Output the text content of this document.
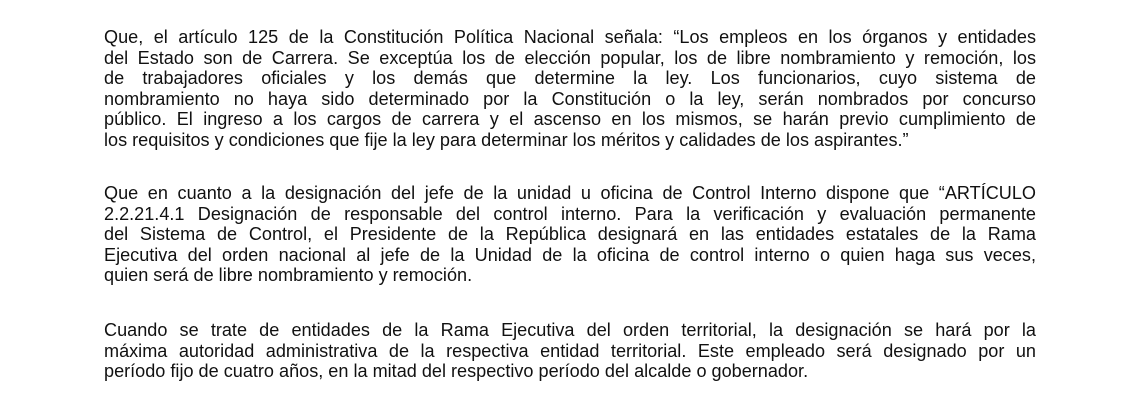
Que, el artículo 125 de la Constitución Política Nacional señala: “Los empleos en los órganos y entidades
del Estado son de Carrera. Se exceptúa los de elección popular, los de libre nombramiento y remoción, los
de trabajadores oficiales y los demás que determine la ley. Los funcionarios, cuyo sistema de
nombramiento no haya sido determinado por la Constitución o la ley, serán nombrados por concurso
público. El ingreso a los cargos de carrera y el ascenso en los mismos, se harán previo cumplimiento de
los requisitos y condiciones que fije la ley para determinar los méritos y calidades de los aspirantes.”

Que en cuanto a la designación del jefe de la unidad u oficina de Control Interno dispone que “ARTÍCULO
2.2.21.4.1 Designación de responsable del control interno. Para la verificación y evaluación permanente
del Sistema de Control, el Presidente de la República designará en las entidades estatales de la Rama
Ejecutiva del orden nacional al jefe de la Unidad de la oficina de control interno o quien haga sus veces,
quien será de libre nombramiento y remoción.

Cuando se trate de entidades de la Rama Ejecutiva del orden territorial, la designación se hará por la
máxima autoridad administrativa de la respectiva entidad territorial. Este empleado será designado por un
período fijo de cuatro años, en la mitad del respectivo período del alcalde o gobernador.
